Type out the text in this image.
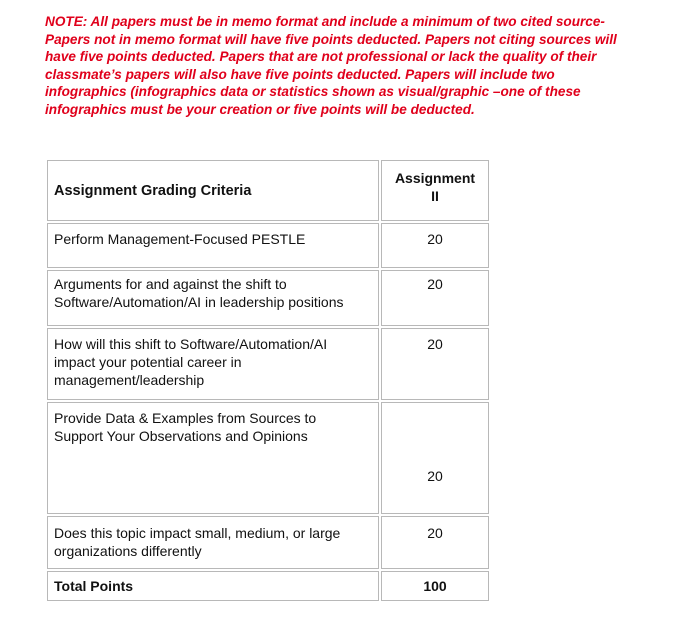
NOTE: All papers must be in memo format and include a minimum of two cited source-
Papers not in memo format will have five points deducted. Papers not citing sources will
have five points deducted. Papers that are not professional or lack the quality of their
classmate’s papers will also have five points deducted. Papers will include two
infographics (infographics data or statistics shown as visual/graphic –one of these
infographics must be your creation or five points will be deducted.

Assignment Grading Criteria	Assignment
II
Perform Management-Focused PESTLE	20
Arguments for and against the shift to
Software/Automation/AI in leadership positions	20
How will this shift to Software/Automation/AI
impact your potential career in
management/leadership	20
Provide Data & Examples from Sources to
Support Your Observations and Opinions	20
Does this topic impact small, medium, or large
organizations differently	20
Total Points	100
